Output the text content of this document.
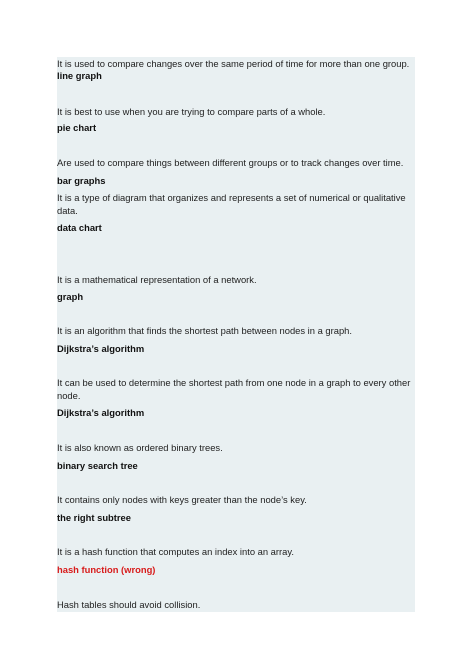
It is used to compare changes over the same period of time for more than one group.
line graph
It is best to use when you are trying to compare parts of a whole.
pie chart
Are used to compare things between different groups or to track changes over time.
bar graphs
It is a type of diagram that organizes and represents a set of numerical or qualitative
data.
data chart
It is a mathematical representation of a network.
graph
It is an algorithm that finds the shortest path between nodes in a graph.
Dijkstra’s algorithm
It can be used to determine the shortest path from one node in a graph to every other
node.
Dijkstra’s algorithm
It is also known as ordered binary trees.
binary search tree
It contains only nodes with keys greater than the node’s key.
the right subtree
It is a hash function that computes an index into an array.
hash function (wrong)
Hash tables should avoid collision.
